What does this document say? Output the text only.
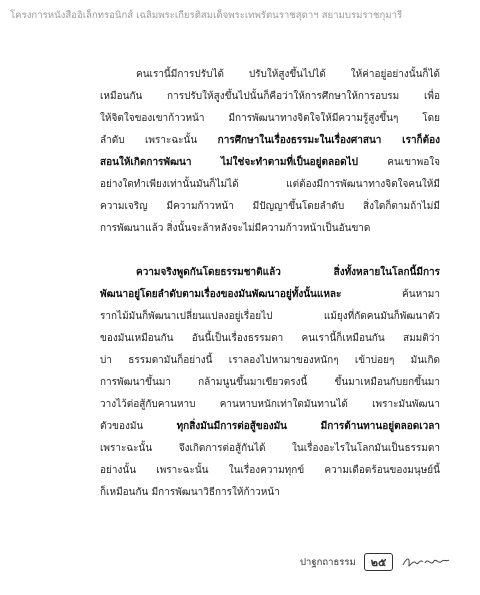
โครงการหนังสืออิเล็กทรอนิกส์ เฉลิมพระเกียรติสมเด็จพระเทพรัตนราชสุดาฯ สยามบรมราชกุมารี
คนเรานี้มีการปรับได้ ปรับให้สูงขึ้นไปได้ ให้ค่าอยู่อย่างนั้นก็ได้
เหมือนกัน การปรับให้สูงขึ้นไปนั้นก็คือว่าให้การศึกษาให้การอบรม เพื่อ
ให้จิตใจของเขาก้าวหน้า มีการพัฒนาทางจิตใจให้มีความรู้สูงขึ้นๆ โดย
ลำดับ เพราะฉะนั้น การศึกษาในเรื่องธรรมะในเรื่องศาสนา เราก็ต้อง
สอนให้เกิดการพัฒนา ไม่ใช่จะทำตามที่เป็นอยู่ตลอดไป คนเขาพอใจ
อย่างใดทำเพียงเท่านั้นมันก็ไม่ได้ แต่ต้องมีการพัฒนาทางจิตใจคนให้มี
ความเจริญ มีความก้าวหน้า มีปัญญาขึ้นโดยลำดับ สิ่งใดก็ตามถ้าไม่มี
การพัฒนาแล้ว สิ่งนั้นจะล้าหลังจะไม่มีความก้าวหน้าเป็นอันขาด
ความจริงพูดกันโดยธรรมชาติแล้ว สิ่งทั้งหลายในโลกนี้มีการ
พัฒนาอยู่โดยลำดับตามเรื่องของมันพัฒนาอยู่ทั้งนั้นแหละ ค้นหามา
รากไม้มันก็พัฒนาเปลี่ยนแปลงอยู่เรื่อยไป แม้ยุงที่กัดคนมันก็พัฒนาตัว
ของมันเหมือนกัน อันนี้เป็นเรื่องธรรมดา คนเรานี้ก็เหมือนกัน สมมติว่า
บ่า ธรรมดามันก็อย่างนี้ เราลองไปหามาของหนักๆ เข้าบ่อยๆ มันเกิด
การพัฒนาขึ้นมา กล้ามนูนขึ้นมาเขียวตรงนี้ ขึ้นมาเหมือนกับยกขึ้นมา
วางไว้ต่อสู้กับคานหาบ คานหาบหนักเท่าใดมันทานได้ เพราะมันพัฒนา
ตัวของมัน ทุกสิ่งมันมีการต่อสู้ของมัน มีการต้านทานอยู่ตลอดเวลา
เพราะฉะนั้น จึงเกิดการต่อสู้กันได้ ในเรื่องอะไรในโลกมันเป็นธรรมดา
อย่างนั้น เพราะฉะนั้น ในเรื่องความทุกข์ ความเดือดร้อนของมนุษย์นี้
ก็เหมือนกัน มีการพัฒนาวิธีการให้ก้าวหน้า
ปาฐกถาธรรม	๒๕
